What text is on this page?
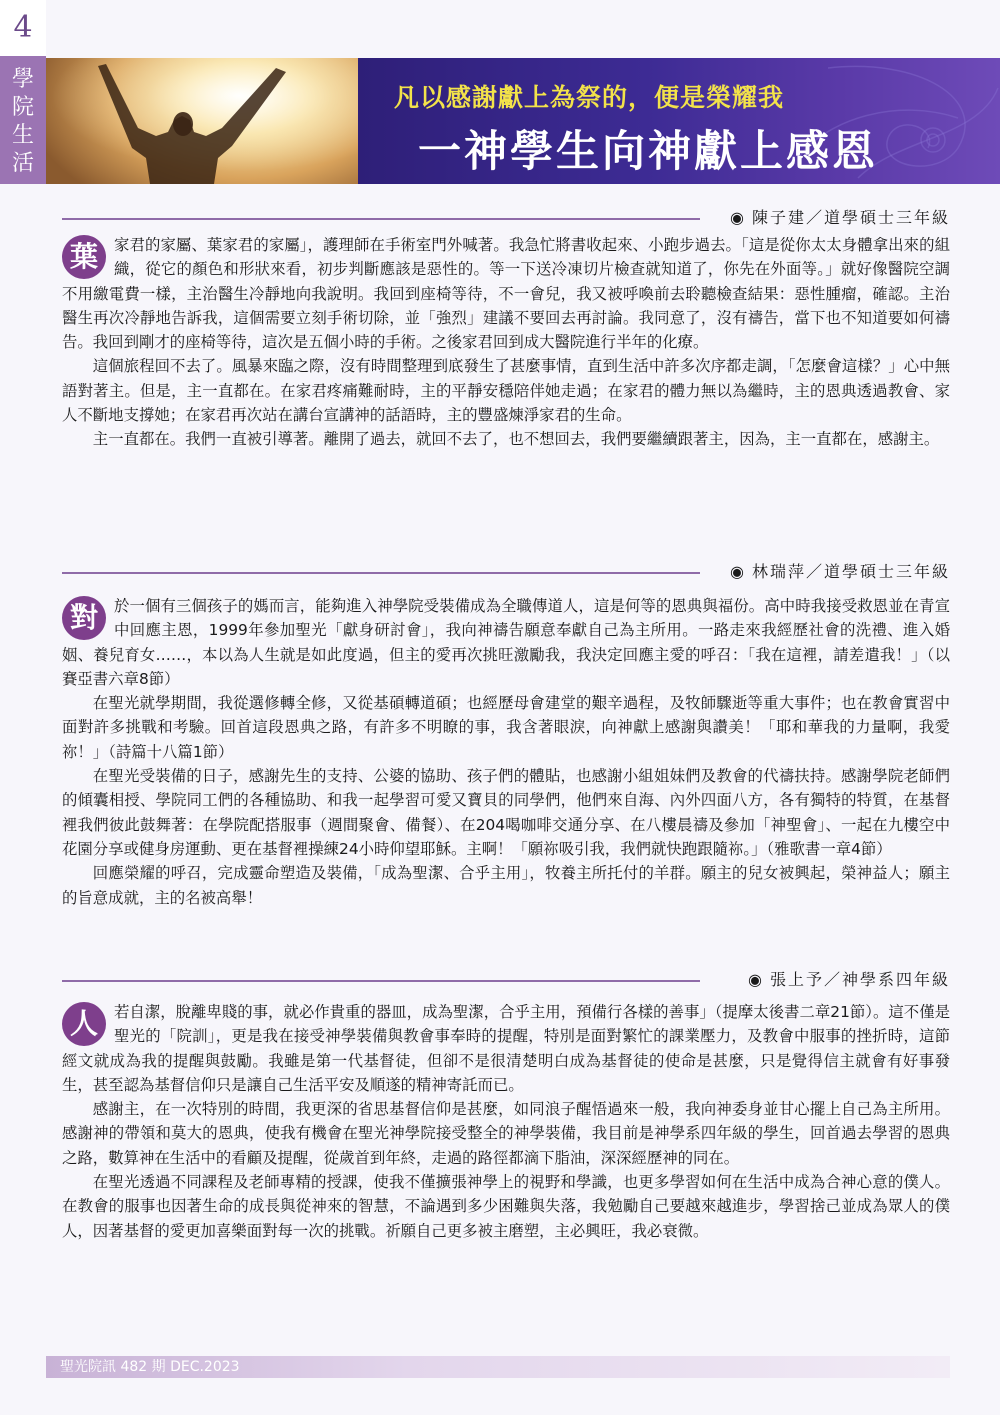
4
學
院
生
活
凡以感謝獻上為祭的，便是榮耀我
一神學生向神獻上感恩
◉ 陳子建／道學碩士三年級

葉	家君的家屬、葉家君的家屬」，護理師在手術室門外喊著。我急忙將書收起來、小跑步過去。「這是從你太太身體拿出來的組織，從它的顏色和形狀來看，初步判斷應該是惡性的。等一下送冷凍切片檢查就知道了，你先在外面等。」就好像醫院空調不用繳電費一樣，主治醫生冷靜地向我說明。我回到座椅等待，不一會兒，我又被呼喚前去聆聽檢查結果：惡性腫瘤，確認。主治醫生再次冷靜地告訴我，這個需要立刻手術切除，並「強烈」建議不要回去再討論。我同意了，沒有禱告，當下也不知道要如何禱告。我回到剛才的座椅等待，這次是五個小時的手術。之後家君回到成大醫院進行半年的化療。

這個旅程回不去了。風暴來臨之際，沒有時間整理到底發生了甚麼事情，直到生活中許多次序都走調，「怎麼會這樣？」心中無語對著主。但是，主一直都在。在家君疼痛難耐時，主的平靜安穩陪伴她走過；在家君的體力無以為繼時，主的恩典透過教會、家人不斷地支撐她；在家君再次站在講台宣講神的話語時，主的豐盛煉淨家君的生命。

主一直都在。我們一直被引導著。離開了過去，就回不去了，也不想回去，我們要繼續跟著主，因為，主一直都在，感謝主。

◉ 林瑞萍／道學碩士三年級

對	於一個有三個孩子的媽而言，能夠進入神學院受裝備成為全職傳道人，這是何等的恩典與福份。高中時我接受救恩並在青宣中回應主恩，1999年參加聖光「獻身研討會」，我向神禱告願意奉獻自己為主所用。一路走來我經歷社會的洗禮、進入婚姻、養兒育女……，本以為人生就是如此度過，但主的愛再次挑旺激勵我，我決定回應主愛的呼召：「我在這裡，請差遣我！」（以賽亞書六章8節）

在聖光就學期間，我從選修轉全修，又從基碩轉道碩；也經歷母會建堂的艱辛過程，及牧師驟逝等重大事件；也在教會實習中面對許多挑戰和考驗。回首這段恩典之路，有許多不明瞭的事，我含著眼淚，向神獻上感謝與讚美！「耶和華我的力量啊，我愛祢！」（詩篇十八篇1節）

在聖光受裝備的日子，感謝先生的支持、公婆的協助、孩子們的體貼，也感謝小組姐妹們及教會的代禱扶持。感謝學院老師們的傾囊相授、學院同工們的各種協助、和我一起學習可愛又寶貝的同學們，他們來自海、內外四面八方，各有獨特的特質，在基督裡我們彼此鼓舞著：在學院配搭服事（週間聚會、備餐）、在204喝咖啡交通分享、在八樓晨禱及參加「神聖會」、一起在九樓空中花園分享或健身房運動、更在基督裡操練24小時仰望耶穌。主啊！「願祢吸引我，我們就快跑跟隨祢。」（雅歌書一章4節）

回應榮耀的呼召，完成靈命塑造及裝備，「成為聖潔、合乎主用」，牧養主所托付的羊群。願主的兒女被興起，榮神益人；願主的旨意成就，主的名被高舉！

◉ 張上予／神學系四年級

人	若自潔，脫離卑賤的事，就必作貴重的器皿，成為聖潔，合乎主用，預備行各樣的善事」（提摩太後書二章21節）。這不僅是聖光的「院訓」，更是我在接受神學裝備與教會事奉時的提醒，特別是面對繁忙的課業壓力，及教會中服事的挫折時，這節經文就成為我的提醒與鼓勵。我雖是第一代基督徒，但卻不是很清楚明白成為基督徒的使命是甚麼，只是覺得信主就會有好事發生，甚至認為基督信仰只是讓自己生活平安及順遂的精神寄託而已。

感謝主，在一次特別的時間，我更深的省思基督信仰是甚麼，如同浪子醒悟過來一般，我向神委身並甘心擺上自己為主所用。感謝神的帶領和莫大的恩典，使我有機會在聖光神學院接受整全的神學裝備，我目前是神學系四年級的學生，回首過去學習的恩典之路，數算神在生活中的看顧及提醒，從歲首到年終，走過的路徑都滴下脂油，深深經歷神的同在。

在聖光透過不同課程及老師專精的授課，使我不僅擴張神學上的視野和學識，也更多學習如何在生活中成為合神心意的僕人。在教會的服事也因著生命的成長與從神來的智慧，不論遇到多少困難與失落，我勉勵自己要越來越進步，學習捨己並成為眾人的僕人，因著基督的愛更加喜樂面對每一次的挑戰。祈願自己更多被主磨塑，主必興旺，我必衰微。

聖光院訊 482 期 DEC.2023
